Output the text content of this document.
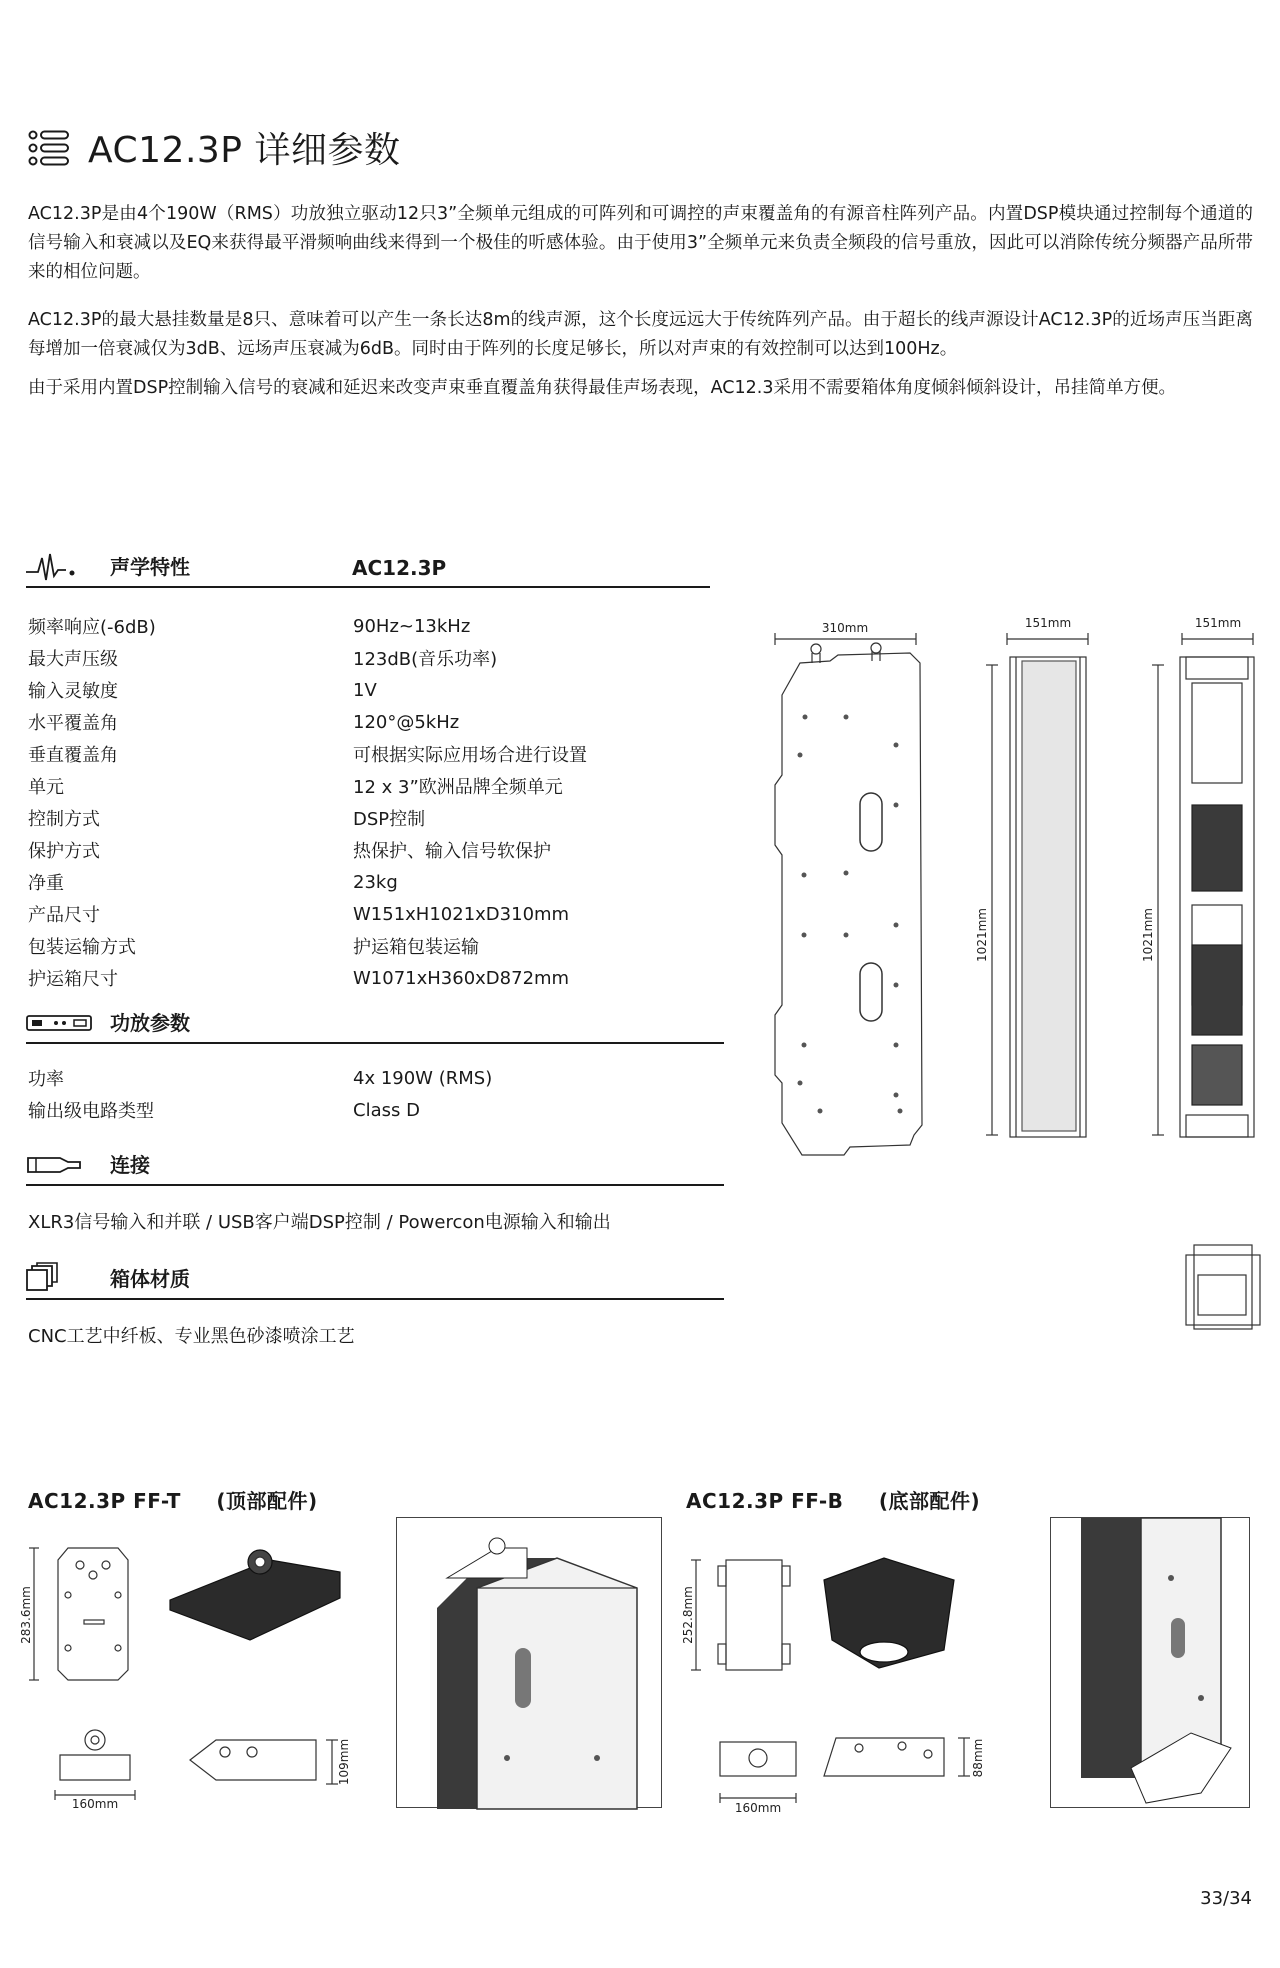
AC12.3P 详细参数

AC12.3P是由4个190W（RMS）功放独立驱动12只3”全频单元组成的可阵列和可调控的声束覆盖角的有源音柱阵列产品。内置DSP模块通过控制每个通道的信号输入和衰减以及EQ来获得最平滑频响曲线来得到一个极佳的听感体验。由于使用3”全频单元来负责全频段的信号重放，因此可以消除传统分频器产品所带来的相位问题。

AC12.3P的最大悬挂数量是8只、意味着可以产生一条长达8m的线声源，这个长度远远大于传统阵列产品。由于超长的线声源设计AC12.3P的近场声压当距离每增加一倍衰减仅为3dB、远场声压衰减为6dB。同时由于阵列的长度足够长，所以对声束的有效控制可以达到100Hz。

由于采用内置DSP控制输入信号的衰减和延迟来改变声束垂直覆盖角获得最佳声场表现，AC12.3采用不需要箱体角度倾斜倾斜设计，吊挂简单方便。

声学特性	AC12.3P
频率响应(-6dB)	90Hz~13kHz
最大声压级	123dB(音乐功率)
输入灵敏度	1V
水平覆盖角	120°@5kHz
垂直覆盖角	可根据实际应用场合进行设置
单元	12 x 3”欧洲品牌全频单元
控制方式	DSP控制
保护方式	热保护、输入信号软保护
净重	23kg
产品尺寸	W151xH1021xD310mm
包装运输方式	护运箱包装运输
护运箱尺寸	W1071xH360xD872mm
功放参数
功率	4x 190W (RMS)
输出级电路类型	Class D
连接
XLR3信号输入和并联 / USB客户端DSP控制 / Powercon电源输入和输出
箱体材质
CNC工艺中纤板、专业黑色砂漆喷涂工艺
310mm	151mm	151mm
1021mm	1021mm
AC12.3P FF-T (顶部配件)	AC12.3P FF-B (底部配件)
283.6mm
160mm
109mm
252.8mm
160mm
88mm
33/34
